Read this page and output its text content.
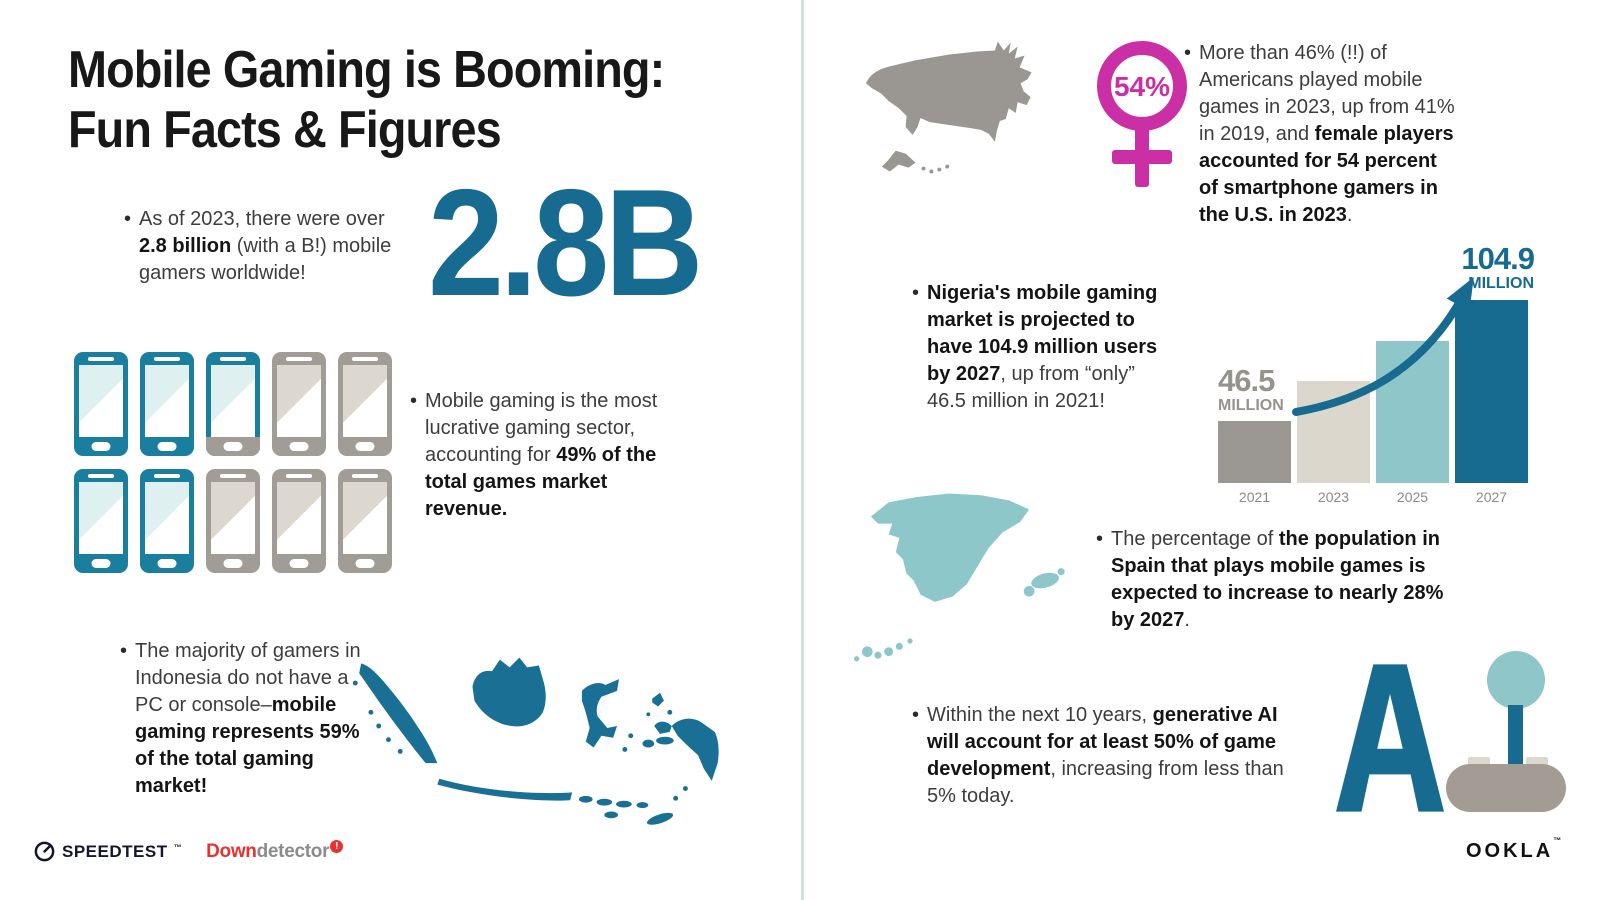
Mobile Gaming is Booming:
Fun Facts & Figures
• As of 2023, there were over 2.8 billion (with a B!) mobile gamers worldwide! 2.8B
• Mobile gaming is the most lucrative gaming sector, accounting for 49% of the total games market revenue.
• The majority of gamers in Indonesia do not have a PC or console–mobile gaming represents 59% of the total gaming market!
54%
• More than 46% (!!) of Americans played mobile games in 2023, up from 41% in 2019, and female players accounted for 54 percent of smartphone gamers in the U.S. in 2023.
• Nigeria's mobile gaming market is projected to have 104.9 million users by 2027, up from “only” 46.5 million in 2021!
46.5
MILLION
104.9
MILLION
2021	2023	2025	2027
• The percentage of the population in Spain that plays mobile games is expected to increase to nearly 28% by 2027.
• Within the next 10 years, generative AI will account for at least 50% of game development, increasing from less than 5% today.
SPEEDTEST ™ Downdetector !	OOKLA™
